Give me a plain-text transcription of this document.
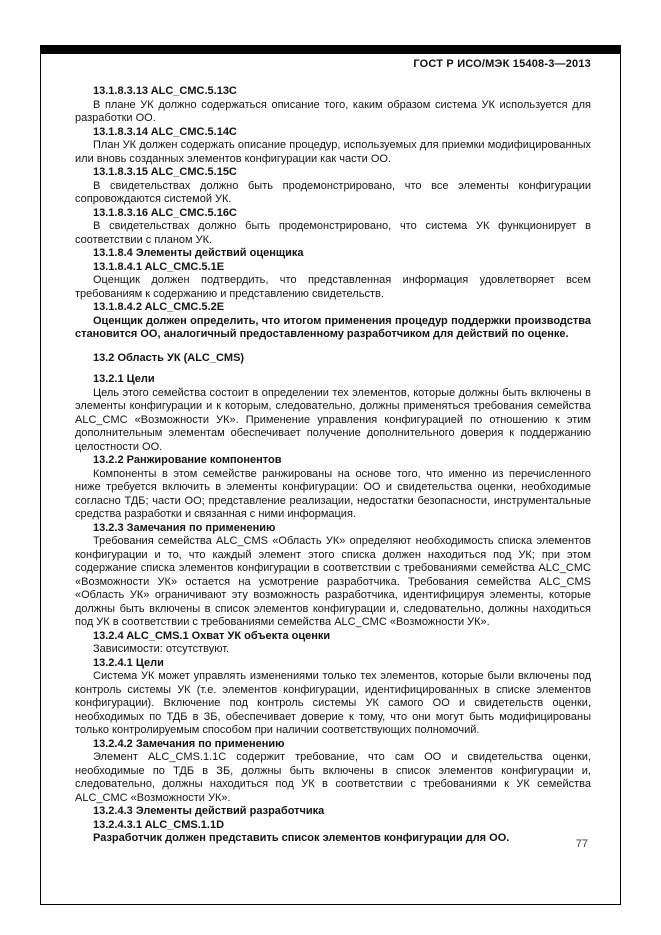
ГОСТ Р ИСО/МЭК 15408-3—2013

13.1.8.3.13 ALC_CMC.5.13C

В плане УК должно содержаться описание того, каким образом система УК используется для разработки ОО.

13.1.8.3.14 ALC_CMC.5.14C

План УК должен содержать описание процедур, используемых для приемки модифицированных или вновь созданных элементов конфигурации как части ОО.

13.1.8.3.15 ALC_CMC.5.15C

В свидетельствах должно быть продемонстрировано, что все элементы конфигурации сопровождаются системой УК.

13.1.8.3.16 ALC_CMC.5.16C

В свидетельствах должно быть продемонстрировано, что система УК функционирует в соответствии с планом УК.

13.1.8.4 Элементы действий оценщика

13.1.8.4.1 ALC_CMC.5.1E

Оценщик должен подтвердить, что представленная информация удовлетворяет всем требованиям к содержанию и представлению свидетельств.

13.1.8.4.2 ALC_CMC.5.2E

Оценщик должен определить, что итогом применения процедур поддержки производства становится ОО, аналогичный предоставленному разработчиком для действий по оценке.

13.2 Область УК (ALC_CMS)

13.2.1 Цели

Цель этого семейства состоит в определении тех элементов, которые должны быть включены в элементы конфигурации и к которым, следовательно, должны применяться требования семейства ALC_CMC «Возможности УК». Применение управления конфигурацией по отношению к этим дополнительным элементам обеспечивает получение дополнительного доверия к поддержанию целостности ОО.

13.2.2 Ранжирование компонентов

Компоненты в этом семействе ранжированы на основе того, что именно из перечисленного ниже требуется включить в элементы конфигурации: ОО и свидетельства оценки, необходимые согласно ТДБ; части ОО; представление реализации, недостатки безопасности, инструментальные средства разработки и связанная с ними информация.

13.2.3 Замечания по применению

Требования семейства ALC_CMS «Область УК» определяют необходимость списка элементов конфигурации и то, что каждый элемент этого списка должен находиться под УК; при этом содержание списка элементов конфигурации в соответствии с требованиями семейства ALC_CMC «Возможности УК» остается на усмотрение разработчика. Требования семейства ALC_CMS «Область УК» ограничивают эту возможность разработчика, идентифицируя элементы, которые должны быть включены в список элементов конфигурации и, следовательно, должны находиться под УК в соответствии с требованиями семейства ALC_CMC «Возможности УК».

13.2.4 ALC_CMS.1 Охват УК объекта оценки

Зависимости: отсутствуют.

13.2.4.1 Цели

Система УК может управлять изменениями только тех элементов, которые были включены под контроль системы УК (т.е. элементов конфигурации, идентифицированных в списке элементов конфигурации). Включение под контроль системы УК самого ОО и свидетельств оценки, необходимых по ТДБ в ЗБ, обеспечивает доверие к тому, что они могут быть модифицированы только контролируемым способом при наличии соответствующих полномочий.

13.2.4.2 Замечания по применению

Элемент ALC_CMS.1.1C содержит требование, что сам ОО и свидетельства оценки, необходимые по ТДБ в ЗБ, должны быть включены в список элементов конфигурации и, следовательно, должны находиться под УК в соответствии с требованиями к УК семейства ALC_CMC «Возможности УК».

13.2.4.3 Элементы действий разработчика

13.2.4.3.1 ALC_CMS.1.1D

Разработчик должен представить список элементов конфигурации для ОО.	77
